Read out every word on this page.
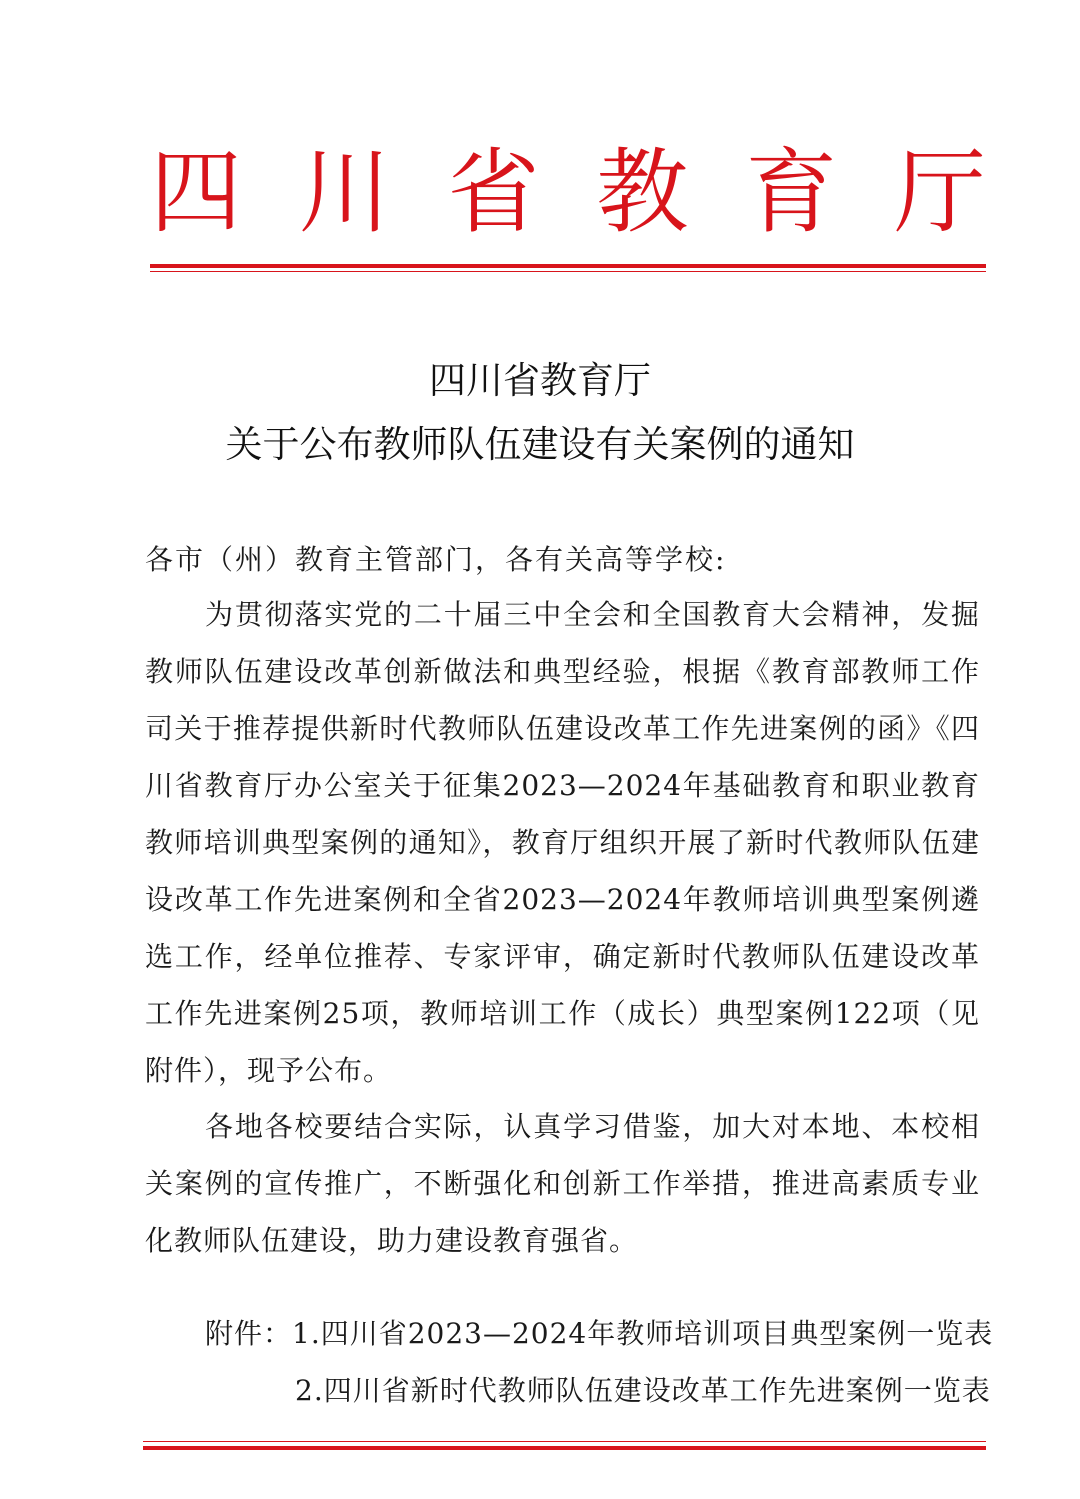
四 川 省 教 育 厅
四川省教育厅
关于公布教师队伍建设有关案例的通知
各市（州）教育主管部门，各有关高等学校:

为贯彻落实党的二十届三中全会和全国教育大会精神，发掘教师队伍建设改革创新做法和典型经验，根据《教育部教师工作司关于推荐提供新时代教师队伍建设改革工作先进案例的函》《四川省教育厅办公室关于征集2023—2024年基础教育和职业教育教师培训典型案例的通知》，教育厅组织开展了新时代教师队伍建设改革工作先进案例和全省2023—2024年教师培训典型案例遴选工作，经单位推荐、专家评审，确定新时代教师队伍建设改革工作先进案例25项，教师培训工作（成长）典型案例122项（见附件），现予公布。

各地各校要结合实际，认真学习借鉴，加大对本地、本校相关案例的宣传推广，不断强化和创新工作举措，推进高素质专业化教师队伍建设，助力建设教育强省。

附件：1.四川省2023—2024年教师培训项目典型案例一览表
2.四川省新时代教师队伍建设改革工作先进案例一览表
